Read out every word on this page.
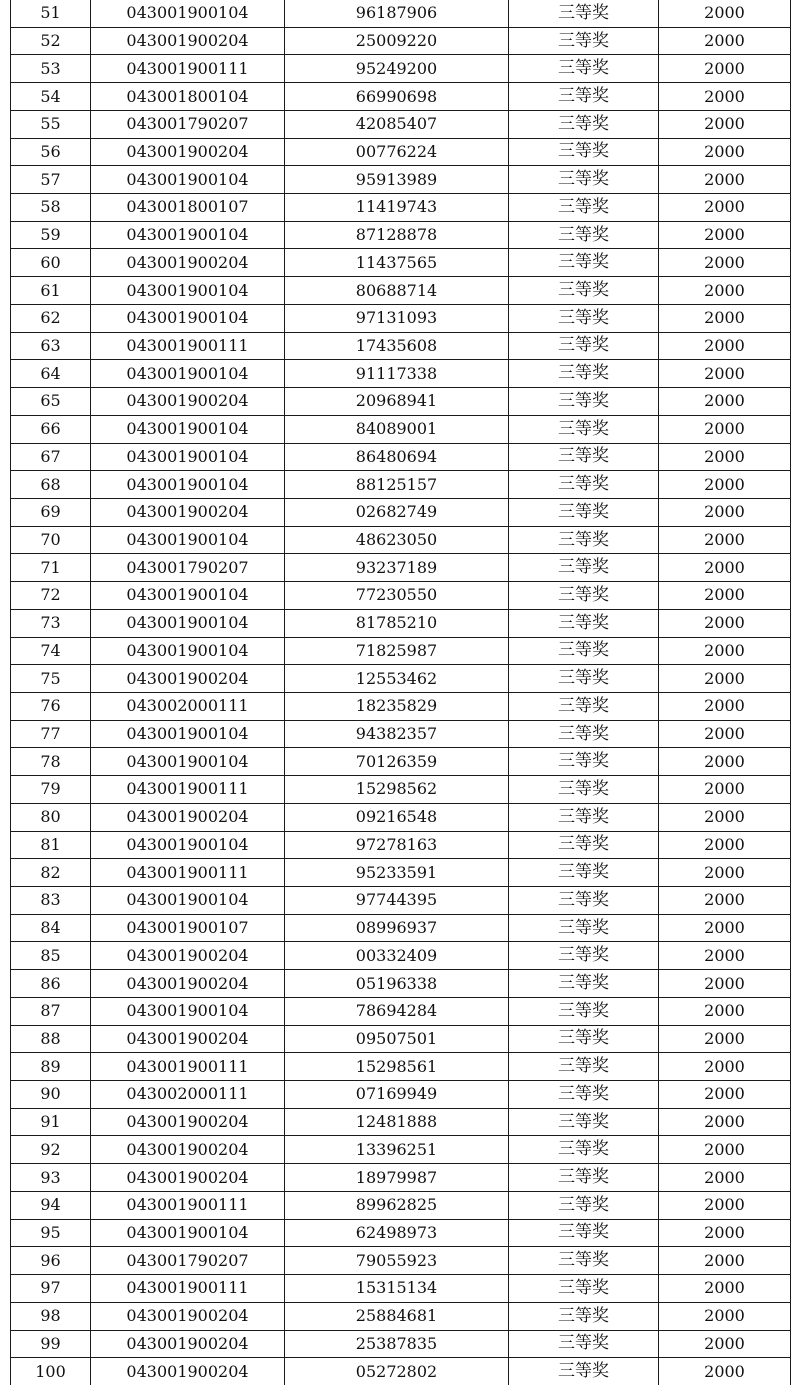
51	043001900104	96187906	三等奖	2000
52	043001900204	25009220	三等奖	2000
53	043001900111	95249200	三等奖	2000
54	043001800104	66990698	三等奖	2000
55	043001790207	42085407	三等奖	2000
56	043001900204	00776224	三等奖	2000
57	043001900104	95913989	三等奖	2000
58	043001800107	11419743	三等奖	2000
59	043001900104	87128878	三等奖	2000
60	043001900204	11437565	三等奖	2000
61	043001900104	80688714	三等奖	2000
62	043001900104	97131093	三等奖	2000
63	043001900111	17435608	三等奖	2000
64	043001900104	91117338	三等奖	2000
65	043001900204	20968941	三等奖	2000
66	043001900104	84089001	三等奖	2000
67	043001900104	86480694	三等奖	2000
68	043001900104	88125157	三等奖	2000
69	043001900204	02682749	三等奖	2000
70	043001900104	48623050	三等奖	2000
71	043001790207	93237189	三等奖	2000
72	043001900104	77230550	三等奖	2000
73	043001900104	81785210	三等奖	2000
74	043001900104	71825987	三等奖	2000
75	043001900204	12553462	三等奖	2000
76	043002000111	18235829	三等奖	2000
77	043001900104	94382357	三等奖	2000
78	043001900104	70126359	三等奖	2000
79	043001900111	15298562	三等奖	2000
80	043001900204	09216548	三等奖	2000
81	043001900104	97278163	三等奖	2000
82	043001900111	95233591	三等奖	2000
83	043001900104	97744395	三等奖	2000
84	043001900107	08996937	三等奖	2000
85	043001900204	00332409	三等奖	2000
86	043001900204	05196338	三等奖	2000
87	043001900104	78694284	三等奖	2000
88	043001900204	09507501	三等奖	2000
89	043001900111	15298561	三等奖	2000
90	043002000111	07169949	三等奖	2000
91	043001900204	12481888	三等奖	2000
92	043001900204	13396251	三等奖	2000
93	043001900204	18979987	三等奖	2000
94	043001900111	89962825	三等奖	2000
95	043001900104	62498973	三等奖	2000
96	043001790207	79055923	三等奖	2000
97	043001900111	15315134	三等奖	2000
98	043001900204	25884681	三等奖	2000
99	043001900204	25387835	三等奖	2000
100	043001900204	05272802	三等奖	2000
